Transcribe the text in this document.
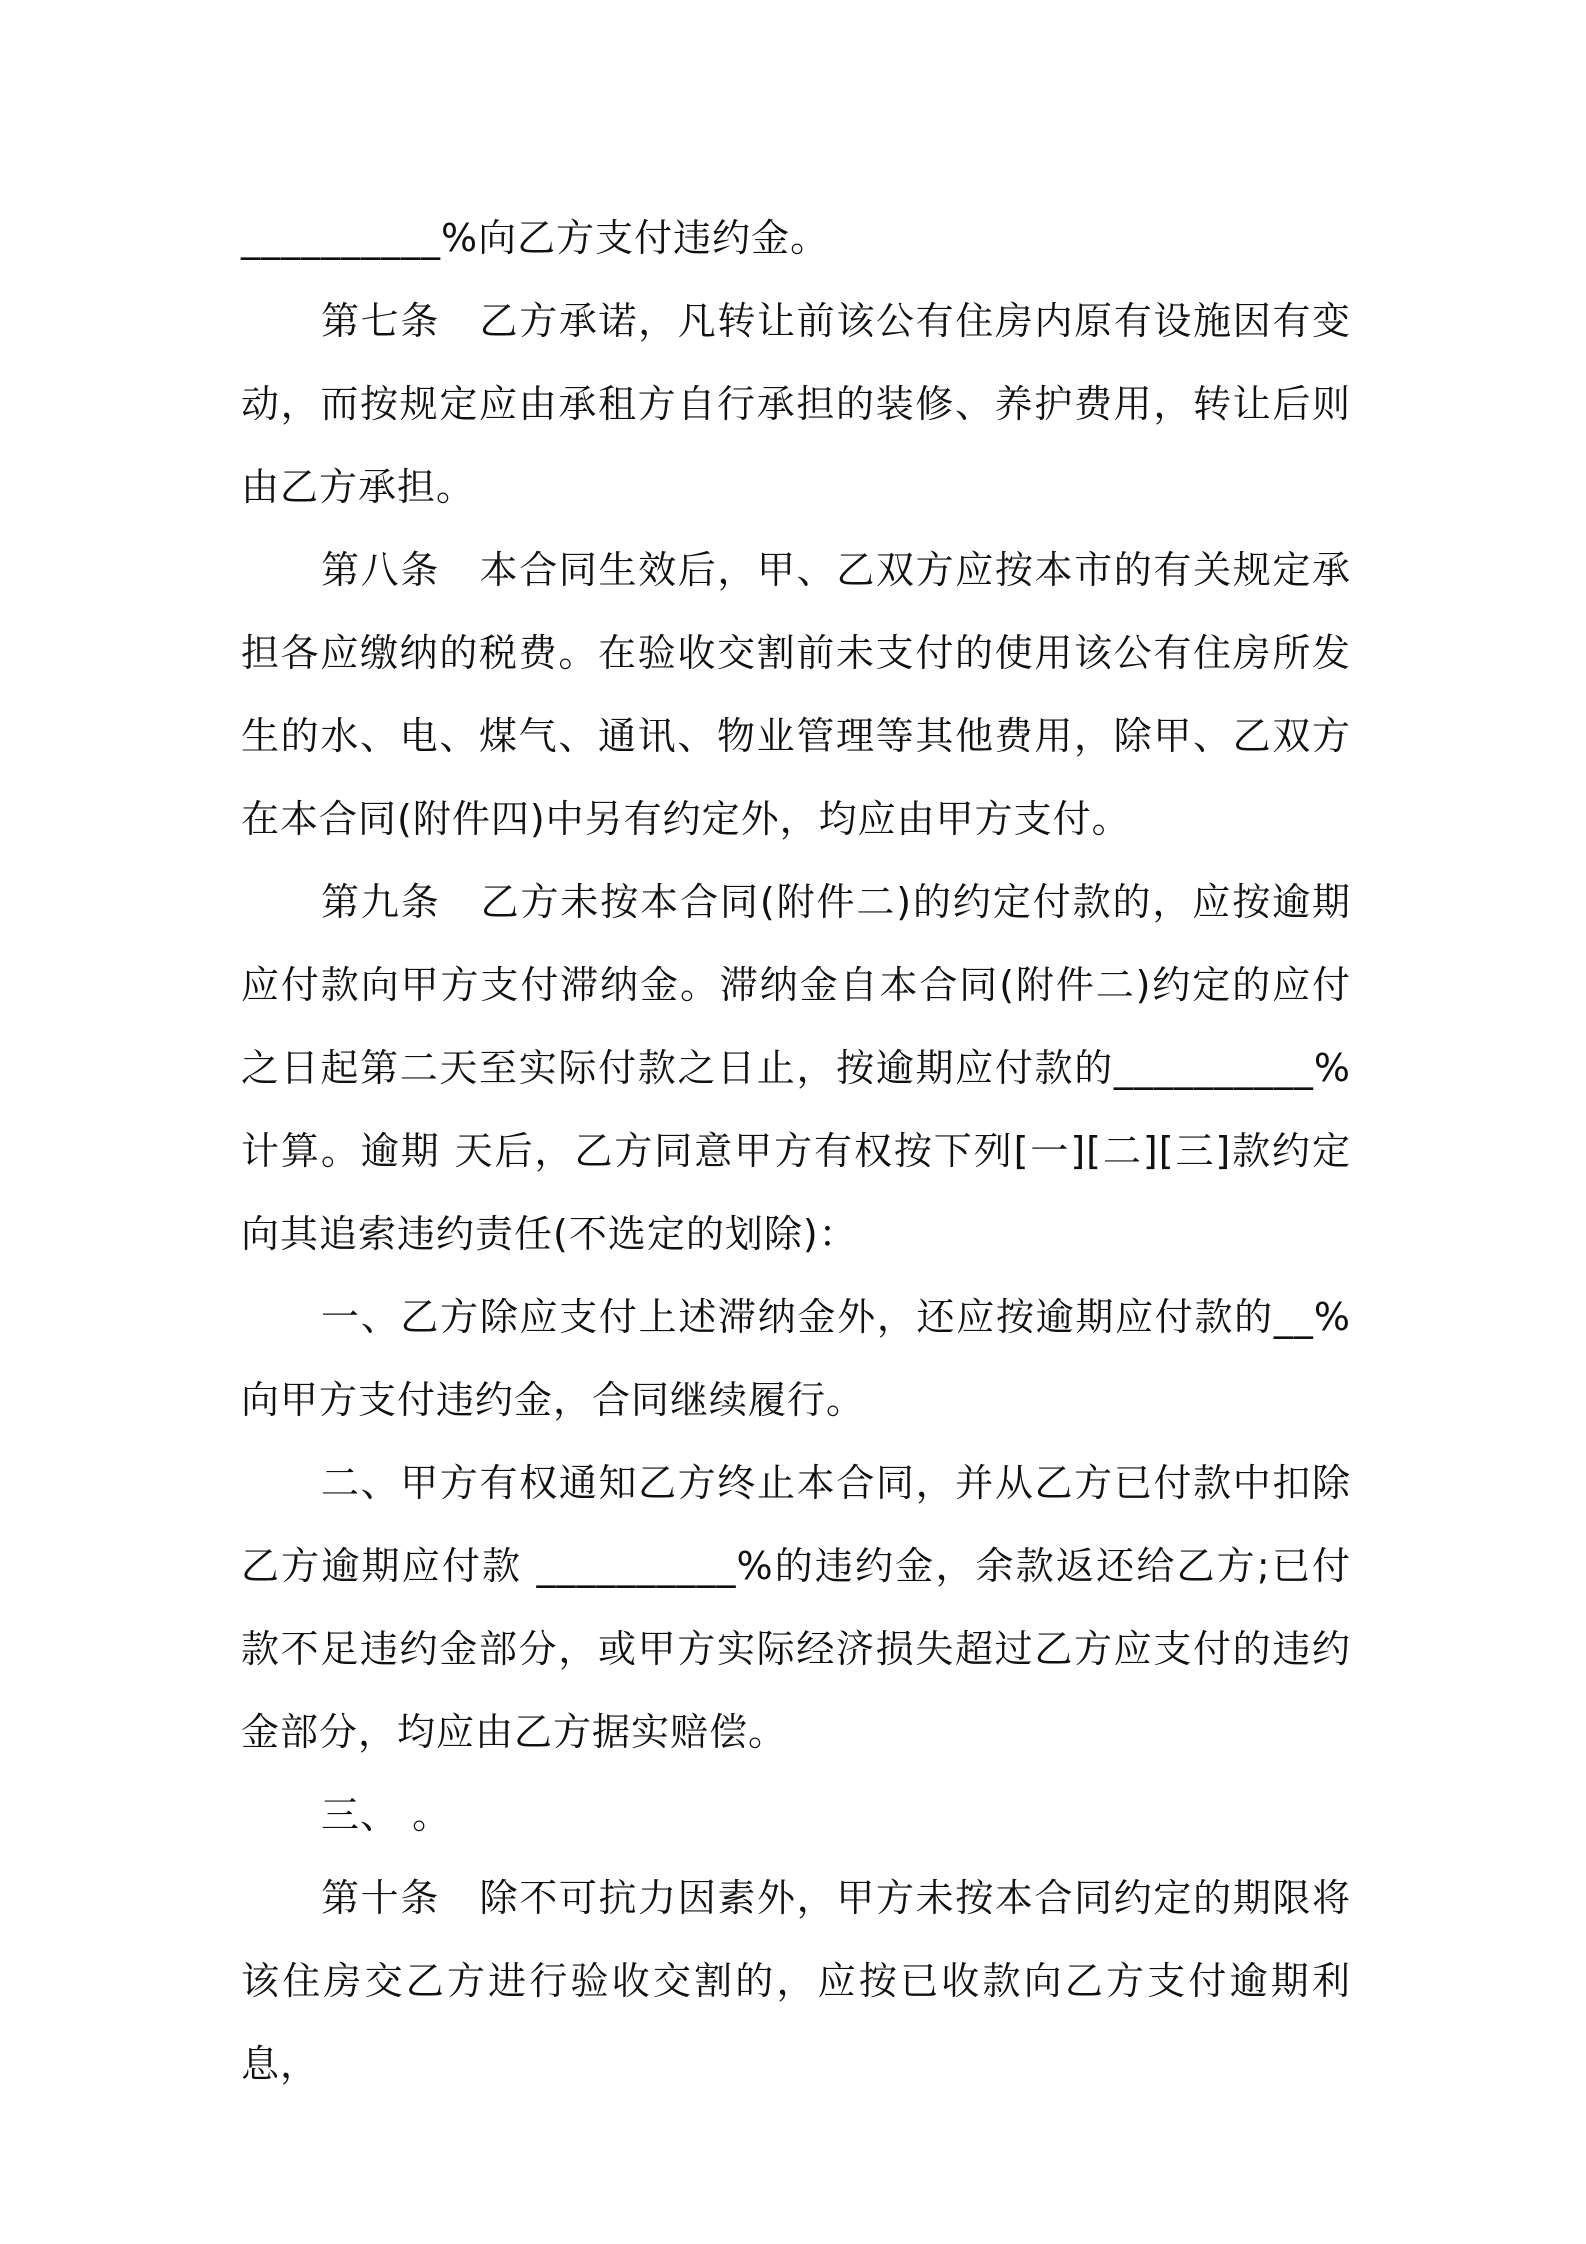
__________%向乙方支付违约金。

第七条　乙方承诺，凡转让前该公有住房内原有设施因有变动，而按规定应由承租方自行承担的装修、养护费用，转让后则由乙方承担。

第八条　本合同生效后，甲、乙双方应按本市的有关规定承担各应缴纳的税费。在验收交割前未支付的使用该公有住房所发生的水、电、煤气、通讯、物业管理等其他费用，除甲、乙双方在本合同(附件四)中另有约定外，均应由甲方支付。

第九条　乙方未按本合同(附件二)的约定付款的，应按逾期应付款向甲方支付滞纳金。滞纳金自本合同(附件二)约定的应付之日起第二天至实际付款之日止，按逾期应付款的__________%计算。逾期 天后，乙方同意甲方有权按下列[一][二][三]款约定向其追索违约责任(不选定的划除)：

一、乙方除应支付上述滞纳金外，还应按逾期应付款的__%向甲方支付违约金，合同继续履行。

二、甲方有权通知乙方终止本合同，并从乙方已付款中扣除乙方逾期应付款 __________%的违约金，余款返还给乙方;已付款不足违约金部分，或甲方实际经济损失超过乙方应支付的违约金部分，均应由乙方据实赔偿。

三、 。

第十条　除不可抗力因素外，甲方未按本合同约定的期限将该住房交乙方进行验收交割的，应按已收款向乙方支付逾期利息，
